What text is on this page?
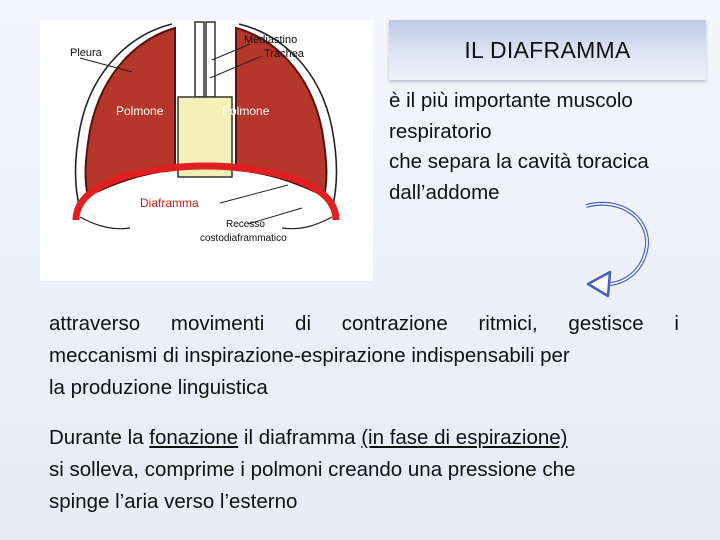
Pleura
Mediastino
Trachea
Polmone	Polmone
Diaframma
Recesso
costodiaframmatico
IL DIAFRAMMA
è il più importante muscolo
respiratorio
che separa la cavità toracica
dall’addome
attraverso movimenti di contrazione ritmici, gestisce i
meccanismi di inspirazione-espirazione indispensabili per
la produzione linguistica
Durante la fonazione il diaframma (in fase di espirazione)
si solleva, comprime i polmoni creando una pressione che
spinge l’aria verso l’esterno
